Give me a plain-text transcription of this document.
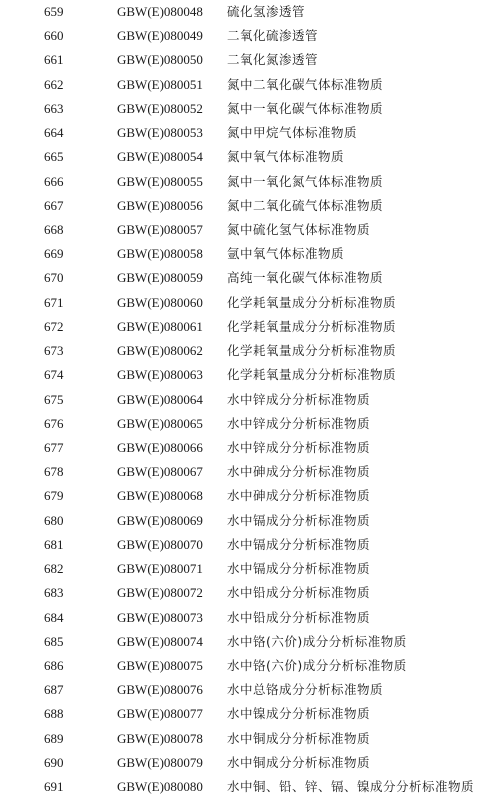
659	GBW(E)080048 硫化氢渗透管
660	GBW(E)080049 二氧化硫渗透管
661	GBW(E)080050 二氧化氮渗透管
662	GBW(E)080051 氮中二氧化碳气体标准物质
663	GBW(E)080052 氮中一氧化碳气体标准物质
664	GBW(E)080053 氮中甲烷气体标准物质
665	GBW(E)080054 氮中氧气体标准物质
666	GBW(E)080055 氮中一氧化氮气体标准物质
667	GBW(E)080056 氮中二氧化硫气体标准物质
668	GBW(E)080057 氮中硫化氢气体标准物质
669	GBW(E)080058 氩中氧气体标准物质
670	GBW(E)080059 高纯一氧化碳气体标准物质
671	GBW(E)080060 化学耗氧量成分分析标准物质
672	GBW(E)080061 化学耗氧量成分分析标准物质
673	GBW(E)080062 化学耗氧量成分分析标准物质
674	GBW(E)080063 化学耗氧量成分分析标准物质
675	GBW(E)080064 水中锌成分分析标准物质
676	GBW(E)080065 水中锌成分分析标准物质
677	GBW(E)080066 水中锌成分分析标准物质
678	GBW(E)080067 水中砷成分分析标准物质
679	GBW(E)080068 水中砷成分分析标准物质
680	GBW(E)080069 水中镉成分分析标准物质
681	GBW(E)080070 水中镉成分分析标准物质
682	GBW(E)080071 水中镉成分分析标准物质
683	GBW(E)080072 水中铅成分分析标准物质
684	GBW(E)080073 水中铅成分分析标准物质
685	GBW(E)080074 水中铬(六价)成分分析标准物质
686	GBW(E)080075 水中铬(六价)成分分析标准物质
687	GBW(E)080076 水中总铬成分分析标准物质
688	GBW(E)080077 水中镍成分分析标准物质
689	GBW(E)080078 水中铜成分分析标准物质
690	GBW(E)080079 水中铜成分分析标准物质
691	GBW(E)080080 水中铜、铅、锌、镉、镍成分分析标准物质
